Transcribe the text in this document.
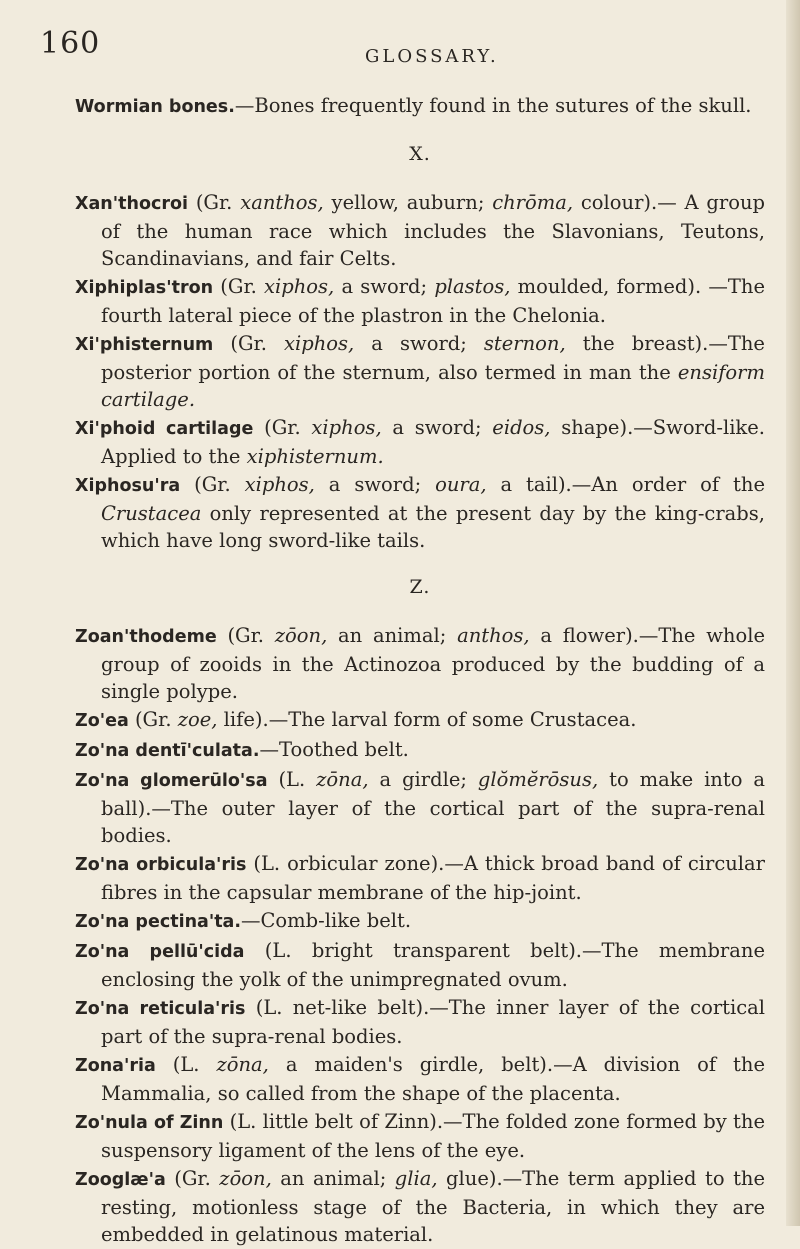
160	GLOSSARY.

Wormian bones.—Bones frequently found in the sutures of the skull.

X.

Xan'thocroi (Gr. xanthos, yellow, auburn; chrōma, colour).— A group of the human race which includes the Slavonians, Teutons, Scandinavians, and fair Celts.

Xiphiplas'tron (Gr. xiphos, a sword; plastos, moulded, formed). —The fourth lateral piece of the plastron in the Chelonia.

Xi'phisternum (Gr. xiphos, a sword; sternon, the breast).—The posterior portion of the sternum, also termed in man the ensiform cartilage.

Xi'phoid cartilage (Gr. xiphos, a sword; eidos, shape).—Sword-like. Applied to the xiphisternum.

Xiphosu'ra (Gr. xiphos, a sword; oura, a tail).—An order of the Crustacea only represented at the present day by the king-crabs, which have long sword-like tails.

Z.

Zoan'thodeme (Gr. zōon, an animal; anthos, a flower).—The whole group of zooids in the Actinozoa produced by the budding of a single polype.

Zo'ea (Gr. zoe, life).—The larval form of some Crustacea.

Zo'na dentī'culata.—Toothed belt.

Zo'na glomerūlo'sa (L. zōna, a girdle; glŏmĕrōsus, to make into a ball).—The outer layer of the cortical part of the supra-renal bodies.

Zo'na orbicula'ris (L. orbicular zone).—A thick broad band of circular fibres in the capsular membrane of the hip-joint.

Zo'na pectina'ta.—Comb-like belt.

Zo'na pellū'cida (L. bright transparent belt).—The membrane enclosing the yolk of the unimpregnated ovum.

Zo'na reticula'ris (L. net-like belt).—The inner layer of the cortical part of the supra-renal bodies.

Zona'ria (L. zōna, a maiden's girdle, belt).—A division of the Mammalia, so called from the shape of the placenta.

Zo'nula of Zinn (L. little belt of Zinn).—The folded zone formed by the suspensory ligament of the lens of the eye.

Zooglæ'a (Gr. zōon, an animal; glia, glue).—The term applied to the resting, motionless stage of the Bacteria, in which they are embedded in gelatinous material.
